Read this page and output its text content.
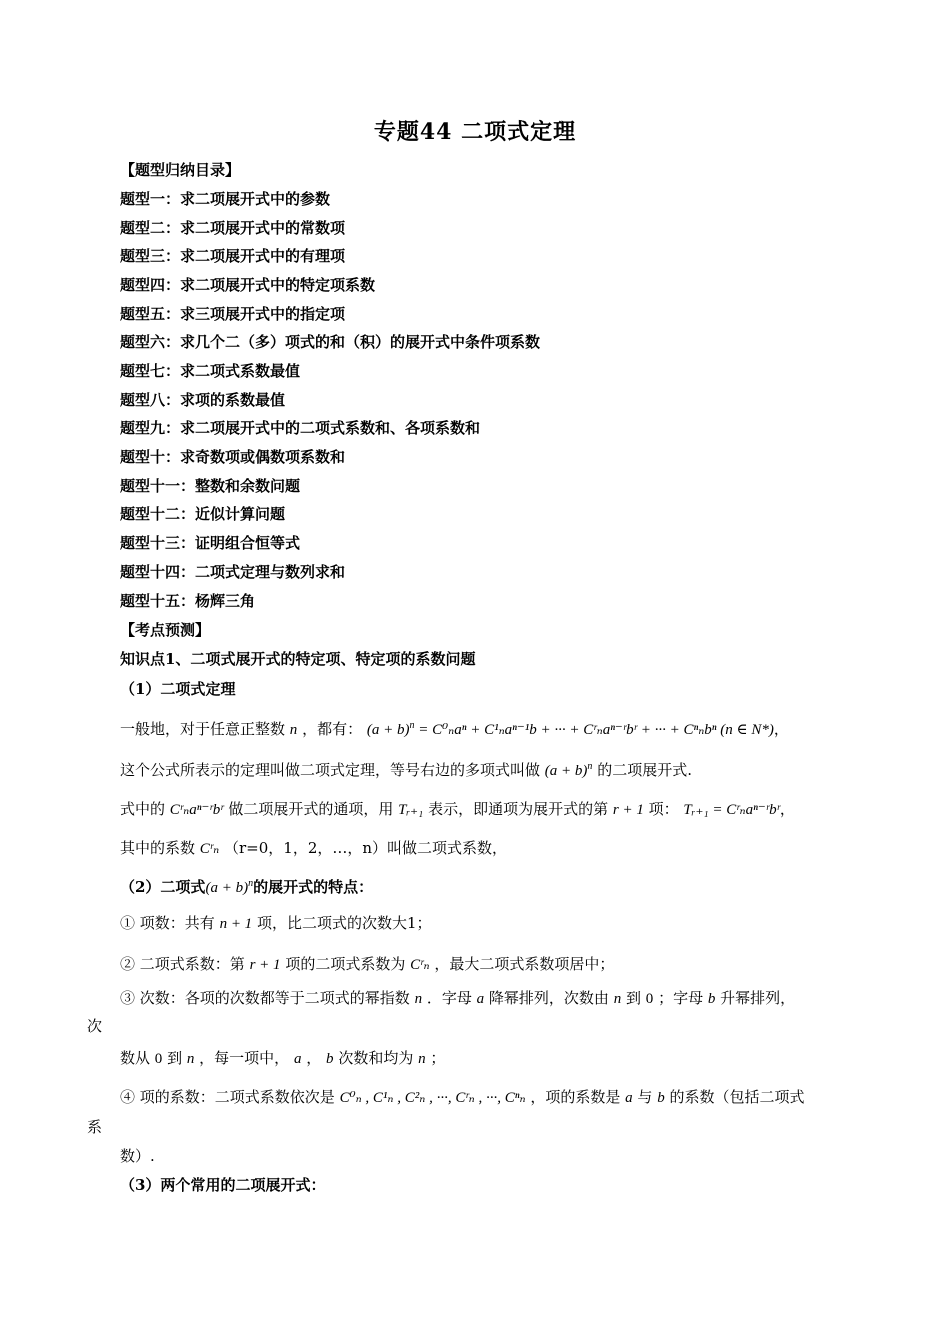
专题44 二项式定理
【题型归纳目录】
题型一：求二项展开式中的参数
题型二：求二项展开式中的常数项
题型三：求二项展开式中的有理项
题型四：求二项展开式中的特定项系数
题型五：求三项展开式中的指定项
题型六：求几个二（多）项式的和（积）的展开式中条件项系数
题型七：求二项式系数最值
题型八：求项的系数最值
题型九：求二项展开式中的二项式系数和、各项系数和
题型十：求奇数项或偶数项系数和
题型十一：整数和余数问题
题型十二：近似计算问题
题型十三：证明组合恒等式
题型十四：二项式定理与数列求和
题型十五：杨辉三角
【考点预测】
知识点1、二项式展开式的特定项、特定项的系数问题
（1）二项式定理
一般地，对于任意正整数 n ，都有： $(a + b)^n = C^0_na^n + C^1_na^{n-1}b$ + ··· + Cʳₙaⁿ⁻ʳbʳ + ··· + Cⁿₙbⁿ (n ∈ N*)，
这个公式所表示的定理叫做二项式定理，等号右边的多项式叫做 $(a + b)^n$ 的二项展开式.
式中的 Cʳₙaⁿ⁻ʳbʳ 做二项展开式的通项，用 Tᵣ₊₁ 表示，即通项为展开式的第 r + 1 项： Tᵣ₊₁ = Cʳₙaⁿ⁻ʳbʳ，
其中的系数 Cʳₙ （r=0，1，2，…，n）叫做二项式系数，
（2）二项式$(a + b)^n$的展开式的特点：
① 项数：共有 n + 1 项，比二项式的次数大1；
② 二项式系数：第 r + 1 项的二项式系数为 Cʳₙ ，最大二项式系数项居中；
③ 次数：各项的次数都等于二项式的幂指数 n ．字母 a 降幂排列，次数由 n 到 0 ；字母 b 升幂排列，
次
数从 0 到 n ，每一项中， a ， b 次数和均为 n ；
④ 项的系数：二项式系数依次是 C⁰ₙ , C¹ₙ , C²ₙ , ···, Cʳₙ , ···, Cⁿₙ ，项的系数是 a 与 b 的系数（包括二项式
系
数）.
（3）两个常用的二项展开式：
